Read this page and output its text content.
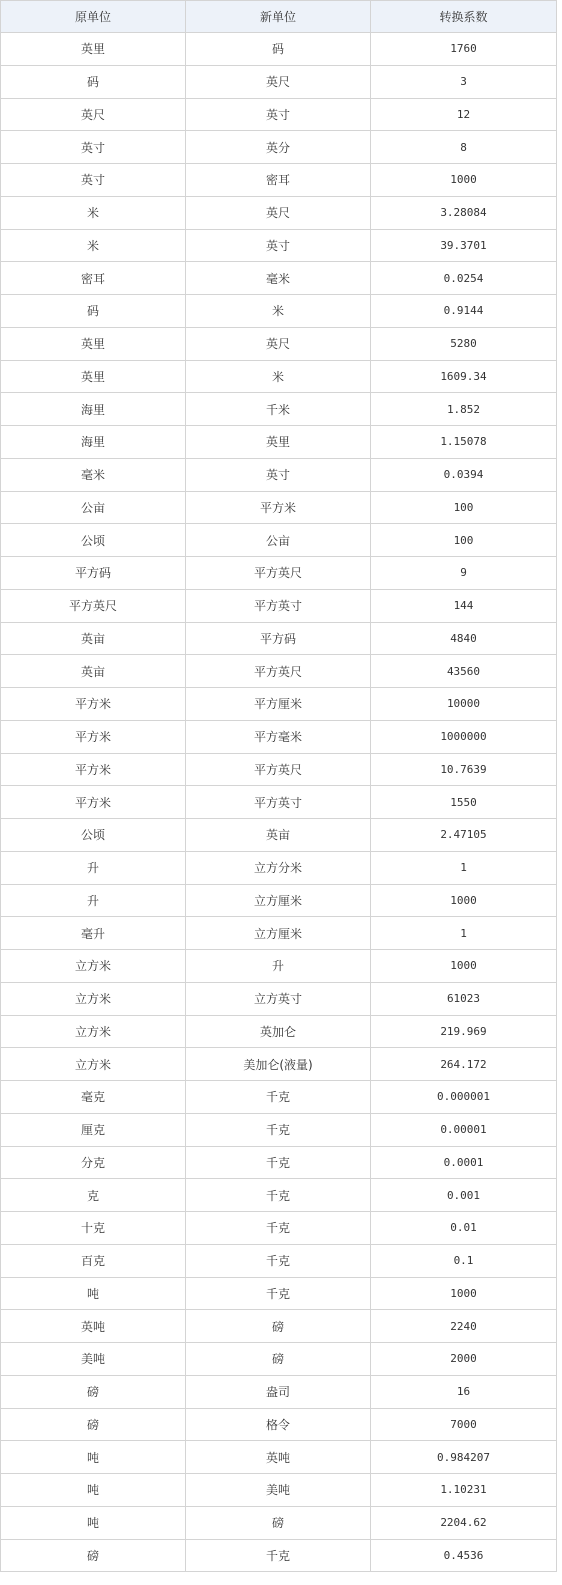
原单位	新单位	转换系数
英里	码	1760
码	英尺	3
英尺	英寸	12
英寸	英分	8
英寸	密耳	1000
米	英尺	3.28084
米	英寸	39.3701
密耳	毫米	0.0254
码	米	0.9144
英里	英尺	5280
英里	米	1609.34
海里	千米	1.852
海里	英里	1.15078
毫米	英寸	0.0394
公亩	平方米	100
公顷	公亩	100
平方码	平方英尺	9
平方英尺	平方英寸	144
英亩	平方码	4840
英亩	平方英尺	43560
平方米	平方厘米	10000
平方米	平方毫米	1000000
平方米	平方英尺	10.7639
平方米	平方英寸	1550
公顷	英亩	2.47105
升	立方分米	1
升	立方厘米	1000
毫升	立方厘米	1
立方米	升	1000
立方米	立方英寸	61023
立方米	英加仑	219.969
立方米	美加仑(液量)	264.172
毫克	千克	0.000001
厘克	千克	0.00001
分克	千克	0.0001
克	千克	0.001
十克	千克	0.01
百克	千克	0.1
吨	千克	1000
英吨	磅	2240
美吨	磅	2000
磅	盎司	16
磅	格令	7000
吨	英吨	0.984207
吨	美吨	1.10231
吨	磅	2204.62
磅	千克	0.4536
